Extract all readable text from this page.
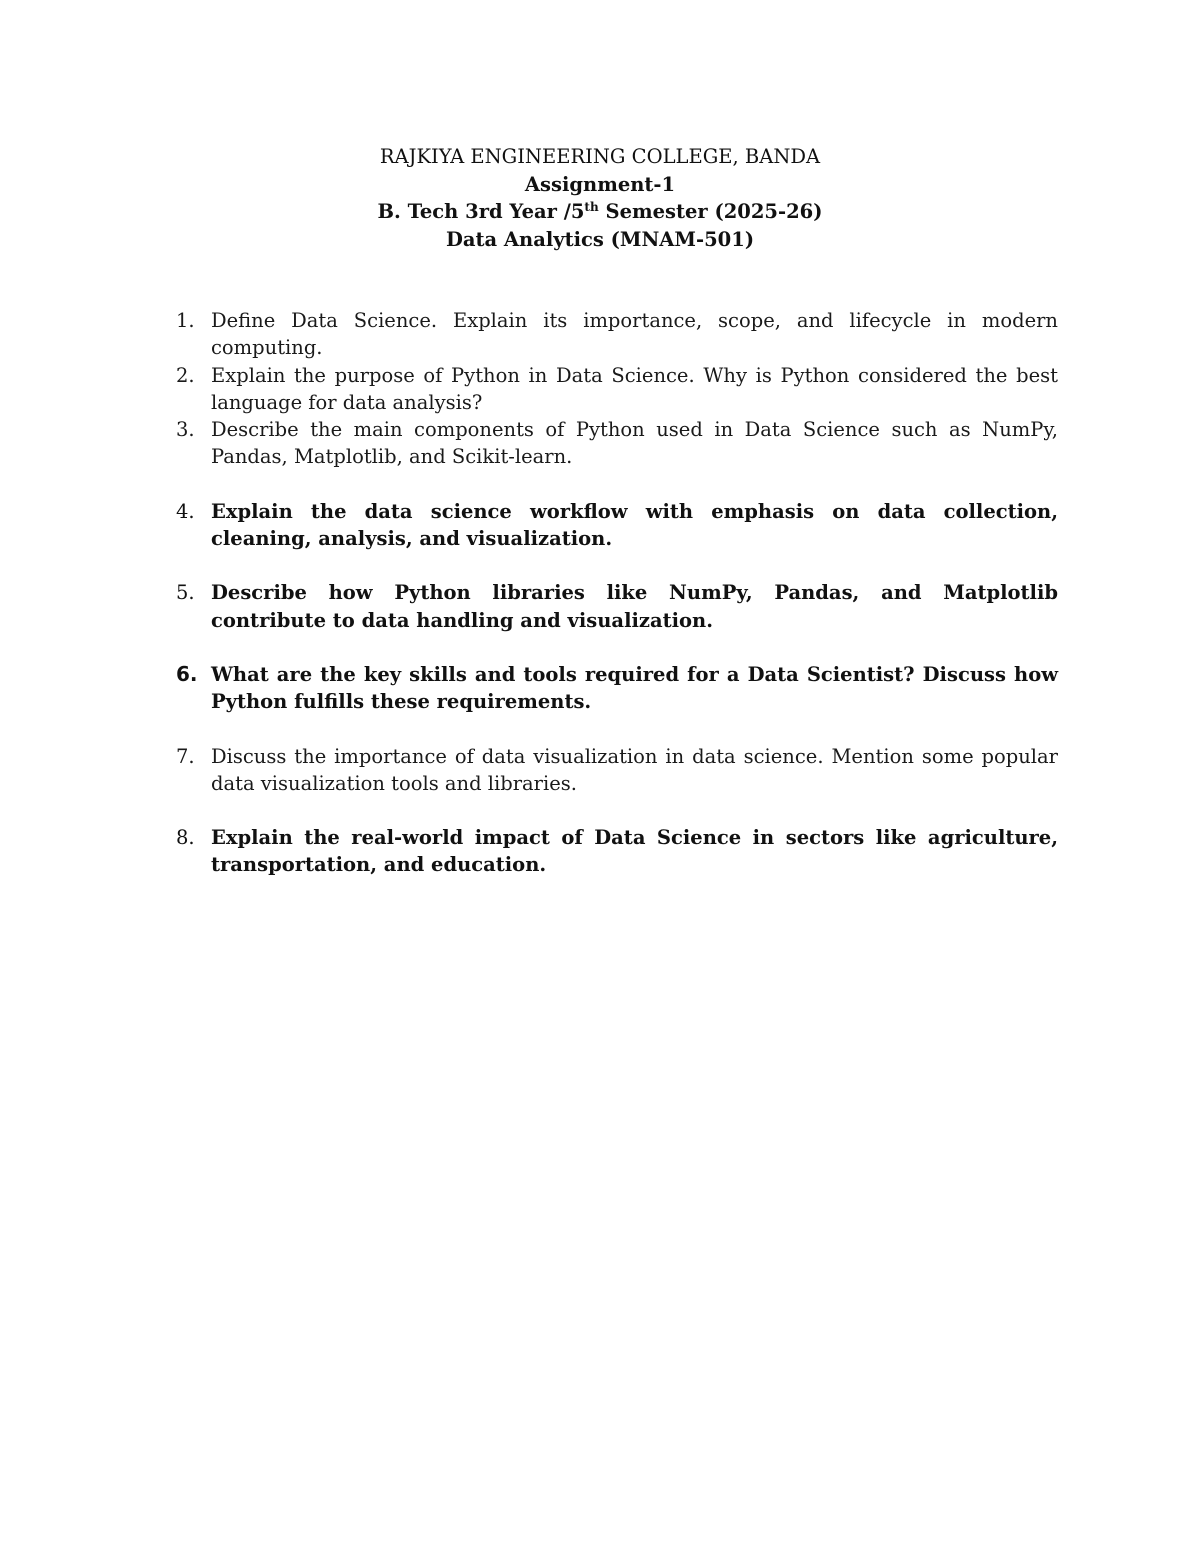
RAJKIYA ENGINEERING COLLEGE, BANDA
Assignment-1
B. Tech 3rd Year /5th Semester (2025-26)
Data Analytics (MNAM-501)
1. Define Data Science. Explain its importance, scope, and lifecycle in modern computing.
2. Explain the purpose of Python in Data Science. Why is Python considered the best language for data analysis?
3. Describe the main components of Python used in Data Science such as NumPy, Pandas, Matplotlib, and Scikit-learn.
4. Explain the data science workflow with emphasis on data collection, cleaning, analysis, and visualization.
5. Describe how Python libraries like NumPy, Pandas, and Matplotlib contribute to data handling and visualization.
6. What are the key skills and tools required for a Data Scientist? Discuss how Python fulfills these requirements.
7. Discuss the importance of data visualization in data science. Mention some popular data visualization tools and libraries.
8. Explain the real-world impact of Data Science in sectors like agriculture, transportation, and education.
